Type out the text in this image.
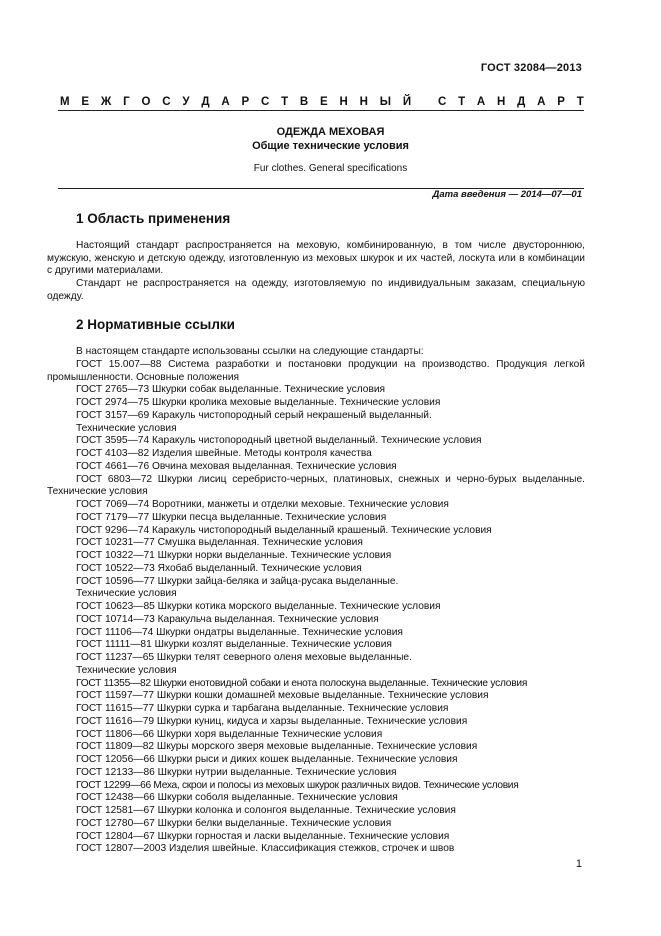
ГОСТ 32084—2013
М Е Ж Г О С У Д А Р С Т В Е Н Н Ы Й
С Т А Н Д А Р Т
ОДЕЖДА МЕХОВАЯ
Общие технические условия
Fur clothes. General specifications
Дата введения — 2014—07—01
1 Область применения
Настоящий стандарт распространяется на меховую, комбинированную, в том числе двустороннюю, мужскую, женскую и детскую одежду, изготовленную из меховых шкурок и их частей, лоскута или в комбинации с другими материалами.
Стандарт не распространяется на одежду, изготовляемую по индивидуальным заказам, специальную одежду.
2 Нормативные ссылки
В настоящем стандарте использованы ссылки на следующие стандарты:
ГОСТ 15.007—88 Система разработки и постановки продукции на производство. Продукция легкой промышленности. Основные положения
ГОСТ 2765—73 Шкурки собак выделанные. Технические условия
ГОСТ 2974—75 Шкурки кролика меховые выделанные. Технические условия
ГОСТ 3157—69 Каракуль чистопородный серый некрашеный выделанный.
Технические условия
ГОСТ 3595—74 Каракуль чистопородный цветной выделанный. Технические условия
ГОСТ 4103—82 Изделия швейные. Методы контроля качества
ГОСТ 4661—76 Овчина меховая выделанная. Технические условия
ГОСТ 6803—72 Шкурки лисиц серебристо-черных, платиновых, снежных и черно-бурых выделанные. Технические условия
ГОСТ 7069—74 Воротники, манжеты и отделки меховые. Технические условия
ГОСТ 7179—77 Шкурки песца выделанные. Технические условия
ГОСТ 9296—74 Каракуль чистопородный выделанный крашеный. Технические условия
ГОСТ 10231—77 Смушка выделанная. Технические условия
ГОСТ 10322—71 Шкурки норки выделанные. Технические условия
ГОСТ 10522—73 Яхобаб выделанный. Технические условия
ГОСТ 10596—77 Шкурки зайца-беляка и зайца-русака выделанные.
Технические условия
ГОСТ 10623—85 Шкурки котика морского выделанные. Технические условия
ГОСТ 10714—73 Каракульча выделанная. Технические условия
ГОСТ 11106—74 Шкурки ондатры выделанные. Технические условия
ГОСТ 11111—81 Шкурки козлят выделанные. Технические условия
ГОСТ 11237—65 Шкурки телят северного оленя меховые выделанные.
Технические условия
ГОСТ 11355—82 Шкурки енотовидной собаки и енота полоскуна выделанные. Технические условия
ГОСТ 11597—77 Шкурки кошки домашней меховые выделанные. Технические условия
ГОСТ 11615—77 Шкурки сурка и тарбагана выделанные. Технические условия
ГОСТ 11616—79 Шкурки куниц, кидуса и харзы выделанные. Технические условия
ГОСТ 11806—66 Шкурки хоря выделанные Технические условия
ГОСТ 11809—82 Шкуры морского зверя меховые выделанные. Технические условия
ГОСТ 12056—66 Шкурки рыси и диких кошек выделанные. Технические условия
ГОСТ 12133—86 Шкурки нутрии выделанные. Технические условия
ГОСТ 12299—66 Меха, скрои и полосы из меховых шкурок различных видов. Технические условия
ГОСТ 12438—66 Шкурки соболя выделанные. Технические условия
ГОСТ 12581—67 Шкурки колонка и солонгоя выделанные. Технические условия
ГОСТ 12780—67 Шкурки белки выделанные. Технические условия
ГОСТ 12804—67 Шкурки горностая и ласки выделанные. Технические условия
ГОСТ 12807—2003 Изделия швейные. Классификация стежков, строчек и швов
1
